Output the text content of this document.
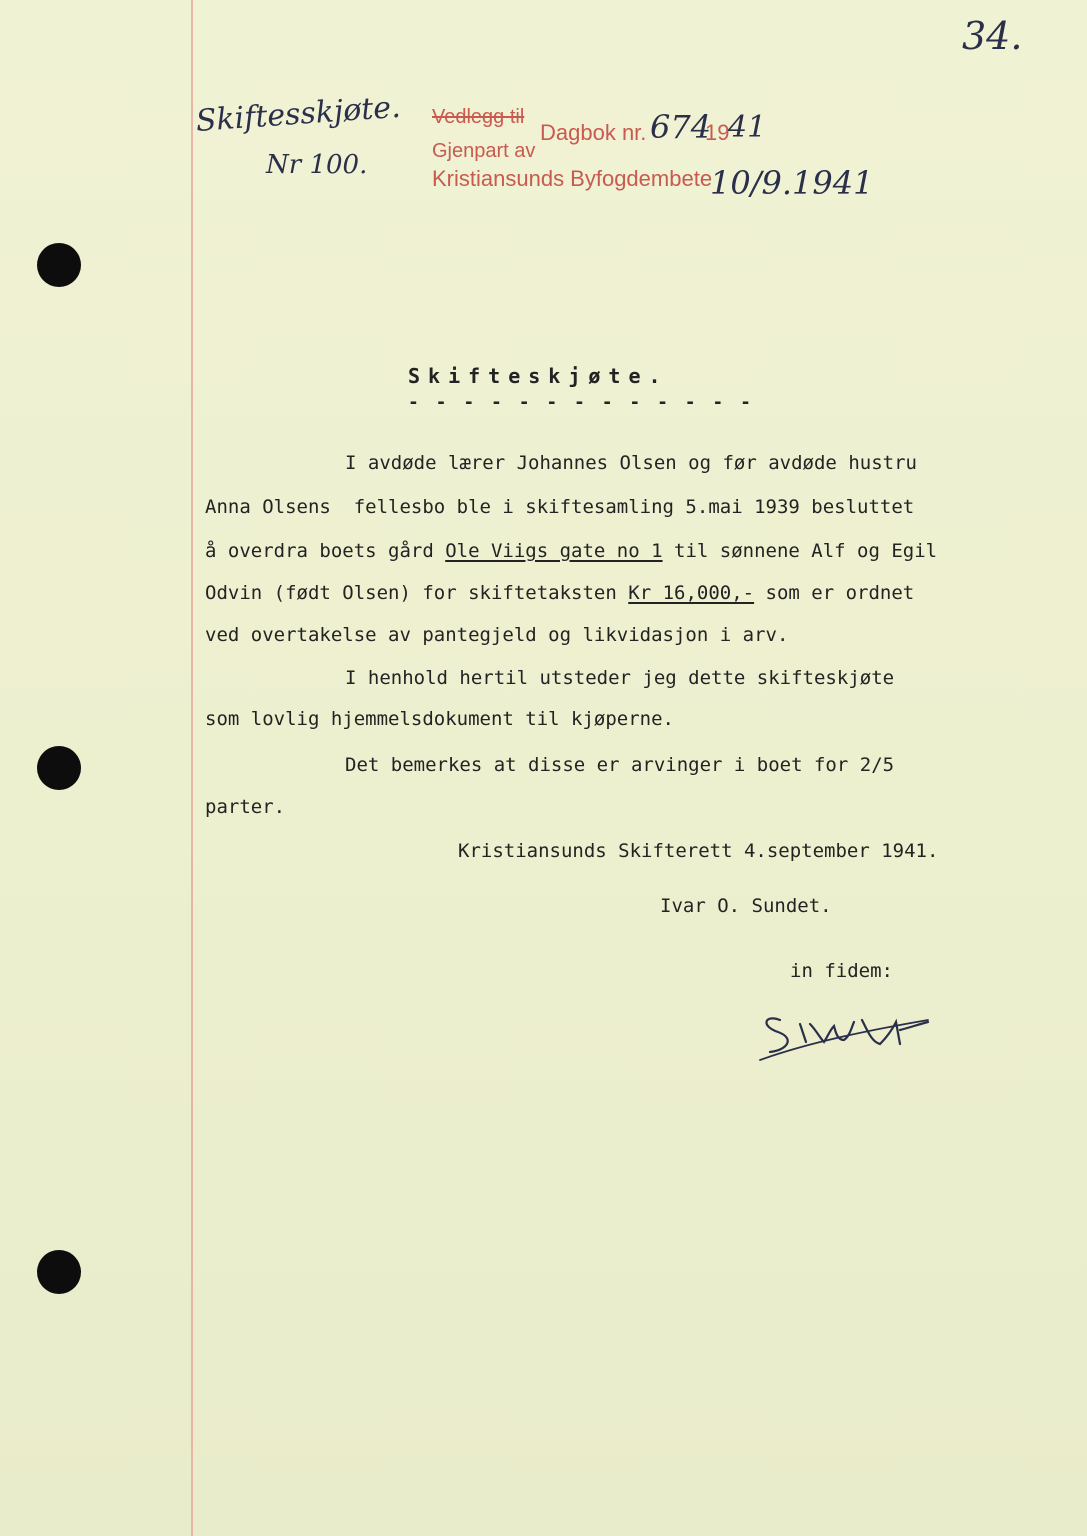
34.
Skiftesskjøte.
Nr 100.
Vedlegg til
Gjenpart av
Dagbok nr. 674
19
41
Kristiansunds Byfogdembete
10/9.1941
Skifteskjøte.
- - - - - - - - - - - - -
I avdøde lærer Johannes Olsen og før avdøde hustru
Anna Olsens  fellesbo ble i skiftesamling 5.mai 1939 besluttet
å overdra boets gård Ole Viigs gate no 1 til sønnene Alf og Egil
Odvin (født Olsen) for skiftetaksten Kr 16,000,- som er ordnet
ved overtakelse av pantegjeld og likvidasjon i arv.
I henhold hertil utsteder jeg dette skifteskjøte
som lovlig hjemmelsdokument til kjøperne.
Det bemerkes at disse er arvinger i boet for 2/5
parter.
Kristiansunds Skifterett 4.september 1941.
Ivar O. Sundet.
in fidem:
